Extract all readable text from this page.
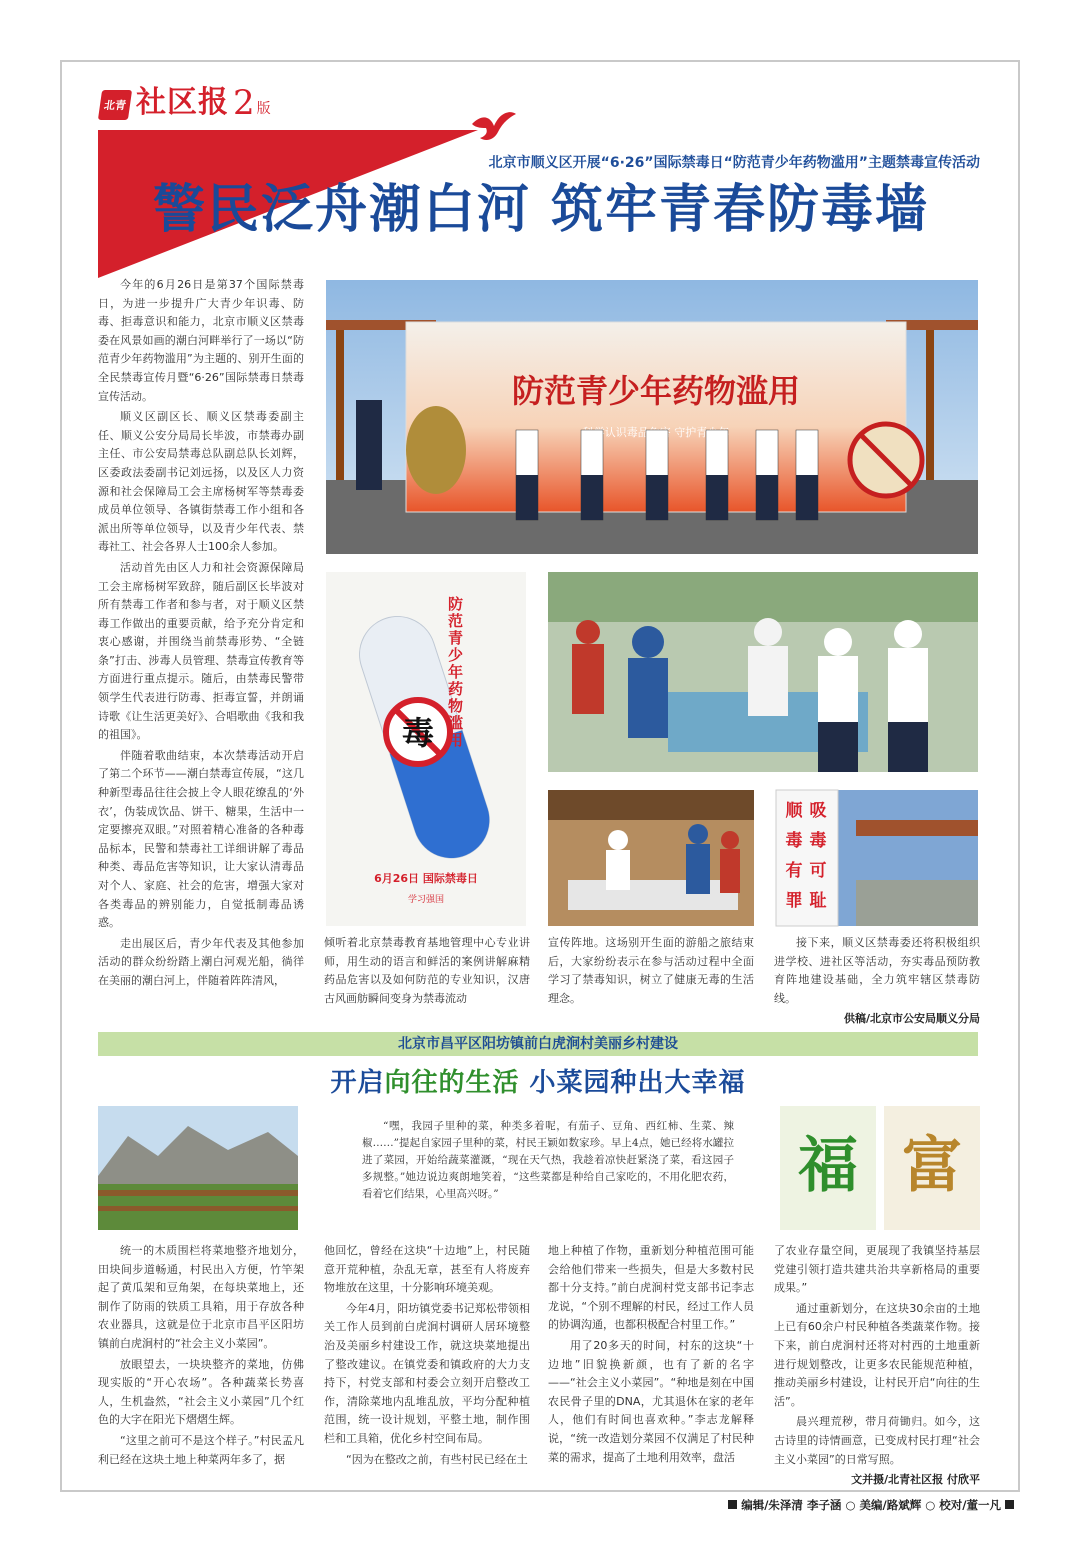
北青 社区报 2 版
北京市顺义区开展“6·26”国际禁毒日“防范青少年药物滥用”主题禁毒宣传活动
警民泛舟潮白河 筑牢青春防毒墙

今年的6月26日是第37个国际禁毒日，为进一步提升广大青少年识毒、防毒、拒毒意识和能力，北京市顺义区禁毒委在风景如画的潮白河畔举行了一场以“防范青少年药物滥用”为主题的、别开生面的全民禁毒宣传月暨“6·26”国际禁毒日禁毒宣传活动。

顺义区副区长、顺义区禁毒委副主任、顺义公安分局局长毕波，市禁毒办副主任、市公安局禁毒总队副总队长刘辉，区委政法委副书记刘远扬，以及区人力资源和社会保障局工会主席杨树军等禁毒委成员单位领导、各镇街禁毒工作小组和各派出所等单位领导，以及青少年代表、禁毒社工、社会各界人士100余人参加。

活动首先由区人力和社会资源保障局工会主席杨树军致辞，随后副区长毕波对所有禁毒工作者和参与者，对于顺义区禁毒工作做出的重要贡献，给予充分肯定和衷心感谢，并围绕当前禁毒形势、“全链条”打击、涉毒人员管理、禁毒宣传教育等方面进行重点提示。随后，由禁毒民警带领学生代表进行防毒、拒毒宣誓，并朗诵诗歌《让生活更美好》、合唱歌曲《我和我的祖国》。

伴随着歌曲结束，本次禁毒活动开启了第二个环节——潮白禁毒宣传展，“这几种新型毒品往往会披上令人眼花缭乱的‘外衣’，伪装成饮品、饼干、糖果，生活中一定要擦亮双眼。”对照着精心准备的各种毒品标本，民警和禁毒社工详细讲解了毒品种类、毒品危害等知识，让大家认清毒品对个人、家庭、社会的危害，增强大家对各类毒品的辨别能力，自觉抵制毒品诱惑。

走出展区后，青少年代表及其他参加活动的群众纷纷踏上潮白河观光船，徜徉在美丽的潮白河上，伴随着阵阵清风，

防范青少年药物滥用
科学认识毒品危害 守护青少年
毒
6月26日 国际禁毒日
学习强国
防范青少年药物滥用
顺
毒
有
罪
吸
毒
可
耻

倾听着北京禁毒教育基地管理中心专业讲师，用生动的语言和鲜活的案例讲解麻精药品危害以及如何防范的专业知识，汉唐古风画舫瞬间变身为禁毒流动

宣传阵地。这场别开生面的游船之旅结束后，大家纷纷表示在参与活动过程中全面学习了禁毒知识，树立了健康无毒的生活理念。

接下来，顺义区禁毒委还将积极组织进学校、进社区等活动，夯实毒品预防教育阵地建设基础，全力筑牢辖区禁毒防线。

供稿/北京市公安局顺义分局
北京市昌平区阳坊镇前白虎涧村美丽乡村建设
开启向往的生活 小菜园种出大幸福

“嘿，我园子里种的菜，种类多着呢，有茄子、豆角、西红柿、生菜、辣椒……”提起自家园子里种的菜，村民王颖如数家珍。早上4点，她已经将水罐拉进了菜园，开始给蔬菜灌溉，“现在天气热，我趁着凉快赶紧浇了菜，看这园子多规整。”她边说边爽朗地笑着，“这些菜都是种给自己家吃的，不用化肥农药，看着它们结果，心里高兴呀。”	福 富

统一的木质围栏将菜地整齐地划分，田块间步道畅通，村民出入方便，竹竿架起了黄瓜架和豆角架，在每块菜地上，还制作了防雨的铁质工具箱，用于存放各种农业器具，这就是位于北京市昌平区阳坊镇前白虎涧村的“社会主义小菜园”。

放眼望去，一块块整齐的菜地，仿佛现实版的“开心农场”。各种蔬菜长势喜人，生机盎然，“社会主义小菜园”几个红色的大字在阳光下熠熠生辉。

“这里之前可不是这个样子。”村民孟凡利已经在这块土地上种菜两年多了，据

他回忆，曾经在这块“十边地”上，村民随意开荒种植，杂乱无章，甚至有人将废弃物堆放在这里，十分影响环境美观。

今年4月，阳坊镇党委书记郑松带领相关工作人员到前白虎涧村调研人居环境整治及美丽乡村建设工作，就这块菜地提出了整改建议。在镇党委和镇政府的大力支持下，村党支部和村委会立刻开启整改工作，清除菜地内乱堆乱放，平均分配种植范围，统一设计规划，平整土地，制作围栏和工具箱，优化乡村空间布局。

“因为在整改之前，有些村民已经在土

地上种植了作物，重新划分种植范围可能会给他们带来一些损失，但是大多数村民都十分支持。”前白虎涧村党支部书记李志龙说，“个别不理解的村民，经过工作人员的协调沟通，也都积极配合村里工作。”

用了20多天的时间，村东的这块“十边地”旧貌换新颜，也有了新的名字——“社会主义小菜园”。“种地是刻在中国农民骨子里的DNA，尤其退休在家的老年人，他们有时间也喜欢种。”李志龙解释说，“统一改造划分菜园不仅满足了村民种菜的需求，提高了土地利用效率，盘活

了农业存量空间，更展现了我镇坚持基层党建引领打造共建共治共享新格局的重要成果。”

通过重新划分，在这块30余亩的土地上已有60余户村民种植各类蔬菜作物。接下来，前白虎涧村还将对村西的土地重新进行规划整改，让更多农民能规范种植，推动美丽乡村建设，让村民开启“向往的生活”。

晨兴理荒秽，带月荷锄归。如今，这古诗里的诗情画意，已变成村民打理“社会主义小菜园”的日常写照。

文并摄/北青社区报 付欣平
编辑/朱泽清 李子涵 ○ 美编/路斌辉 ○ 校对/董一凡
